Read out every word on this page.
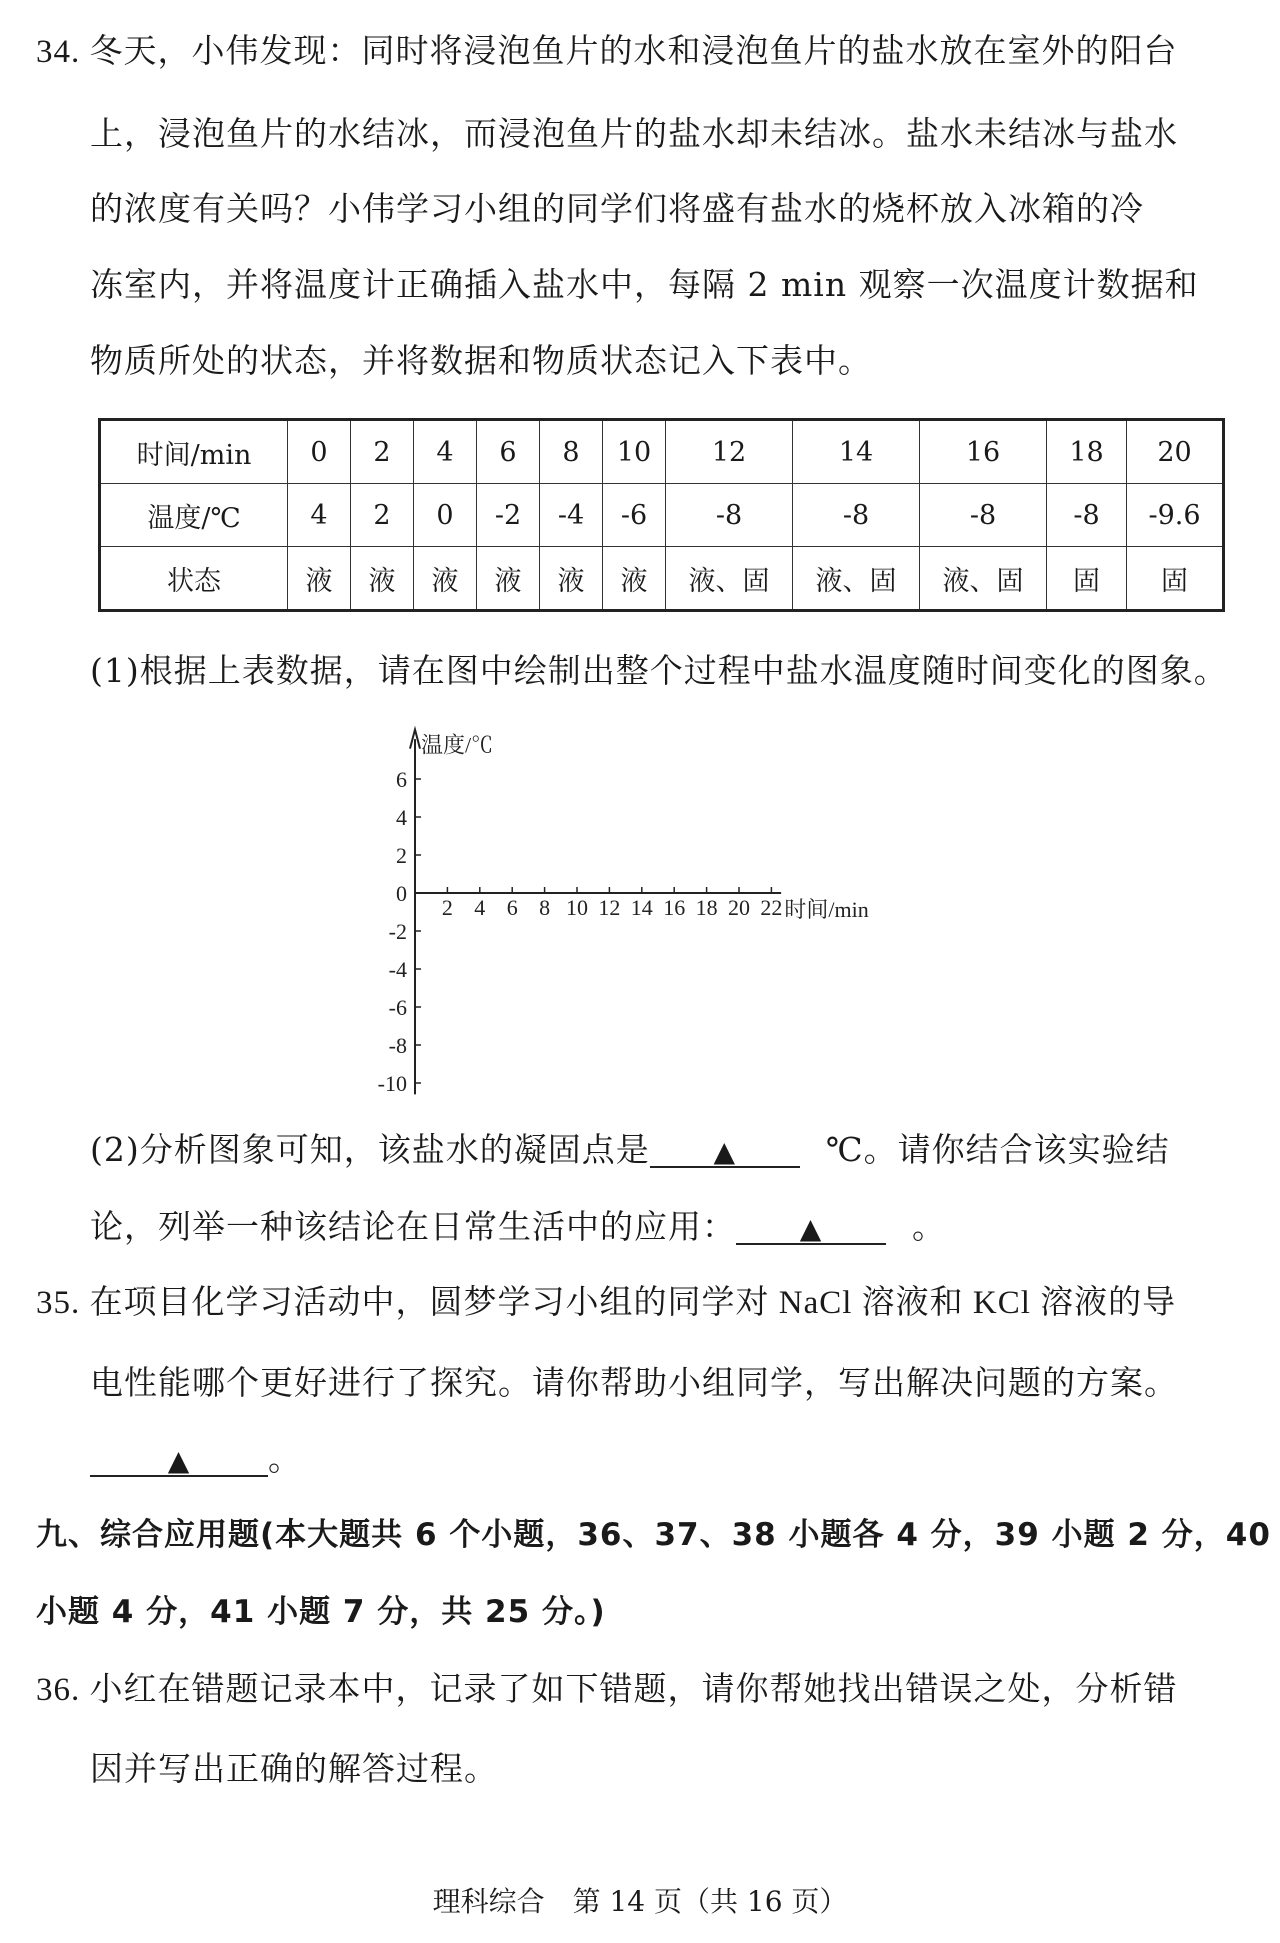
34. 冬天，小伟发现：同时将浸泡鱼片的水和浸泡鱼片的盐水放在室外的阳台
上，浸泡鱼片的水结冰，而浸泡鱼片的盐水却未结冰。盐水未结冰与盐水
的浓度有关吗？小伟学习小组的同学们将盛有盐水的烧杯放入冰箱的冷
冻室内，并将温度计正确插入盐水中，每隔 2 min 观察一次温度计数据和
物质所处的状态，并将数据和物质状态记入下表中。
时间/min	0	2	4	6	8	10	12	14	16	18	20
温度/℃	4	2	0	-2	-4	-6	-8	-8	-8	-8	-9.6
状态	液	液	液	液	液	液	液、固	液、固	液、固	固	固
(1)根据上表数据，请在图中绘制出整个过程中盐水温度随时间变化的图象。
2 4 6 8 10 12 14 16 18 20 22
6
4
2
0
-2
-4
-6
-8
-10
温度/℃
时间/min
(2)分析图象可知，该盐水的凝固点是 ▲	℃。请你结合该实验结
论，列举一种该结论在日常生活中的应用： ▲	。
35. 在项目化学习活动中，圆梦学习小组的同学对 NaCl 溶液和 KCl 溶液的导
电性能哪个更好进行了探究。请你帮助小组同学，写出解决问题的方案。
▲ 。
九、综合应用题(本大题共 6 个小题，36、37、38 小题各 4 分，39 小题 2 分，40
小题 4 分，41 小题 7 分，共 25 分。)
36. 小红在错题记录本中，记录了如下错题，请你帮她找出错误之处，分析错
因并写出正确的解答过程。
理科综合　第 14 页（共 16 页）
